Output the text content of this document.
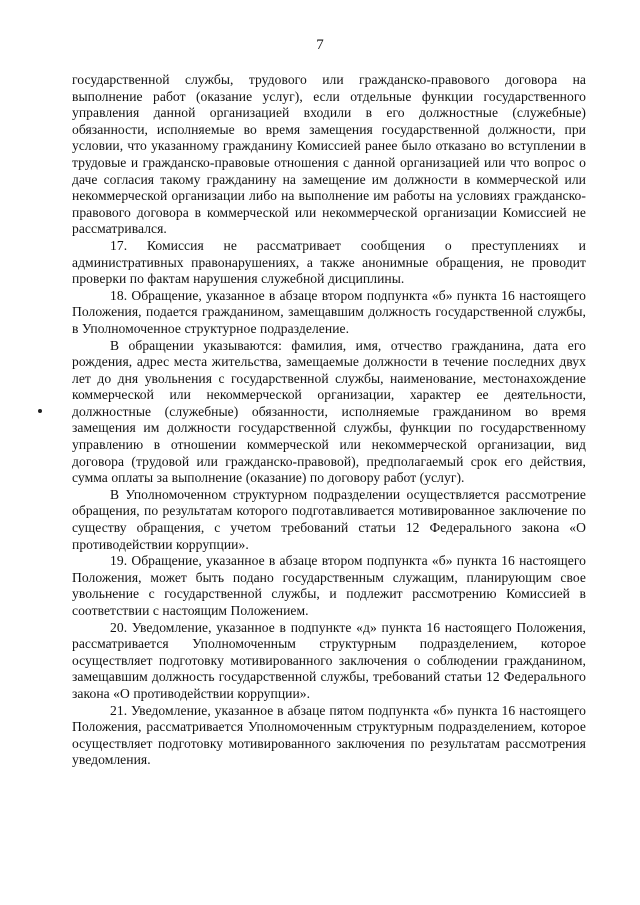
7

государственной службы, трудового или гражданско-правового договора на выполнение работ (оказание услуг), если отдельные функции государственного управления данной организацией входили в его должностные (служебные) обязанности, исполняемые во время замещения государственной должности, при условии, что указанному гражданину Комиссией ранее было отказано во вступлении в трудовые и гражданско-правовые отношения с данной организацией или что вопрос о даче согласия такому гражданину на замещение им должности в коммерческой или некоммерческой организации либо на выполнение им работы на условиях гражданско-правового договора в коммерческой или некоммерческой организации Комиссией не рассматривался.

17. Комиссия не рассматривает сообщения о преступлениях и административных правонарушениях, а также анонимные обращения, не проводит проверки по фактам нарушения служебной дисциплины.

18. Обращение, указанное в абзаце втором подпункта «б» пункта 16 настоящего Положения, подается гражданином, замещавшим должность государственной службы, в Уполномоченное структурное подразделение.

В обращении указываются: фамилия, имя, отчество гражданина, дата его рождения, адрес места жительства, замещаемые должности в течение последних двух лет до дня увольнения с государственной службы, наименование, местонахождение коммерческой или некоммерческой организации, характер ее деятельности, должностные (служебные) обязанности, исполняемые гражданином во время замещения им должности государственной службы, функции по государственному управлению в отношении коммерческой или некоммерческой организации, вид договора (трудовой или гражданско-правовой), предполагаемый срок его действия, сумма оплаты за выполнение (оказание) по договору работ (услуг).

В Уполномоченном структурном подразделении осуществляется рассмотрение обращения, по результатам которого подготавливается мотивированное заключение по существу обращения, с учетом требований статьи 12 Федерального закона «О противодействии коррупции».

19. Обращение, указанное в абзаце втором подпункта «б» пункта 16 настоящего Положения, может быть подано государственным служащим, планирующим свое увольнение с государственной службы, и подлежит рассмотрению Комиссией в соответствии с настоящим Положением.

20. Уведомление, указанное в подпункте «д» пункта 16 настоящего Положения, рассматривается Уполномоченным структурным подразделением, которое осуществляет подготовку мотивированного заключения о соблюдении гражданином, замещавшим должность государственной службы, требований статьи 12 Федерального закона «О противодействии коррупции».

21. Уведомление, указанное в абзаце пятом подпункта «б» пункта 16 настоящего Положения, рассматривается Уполномоченным структурным подразделением, которое осуществляет подготовку мотивированного заключения по результатам рассмотрения уведомления.
